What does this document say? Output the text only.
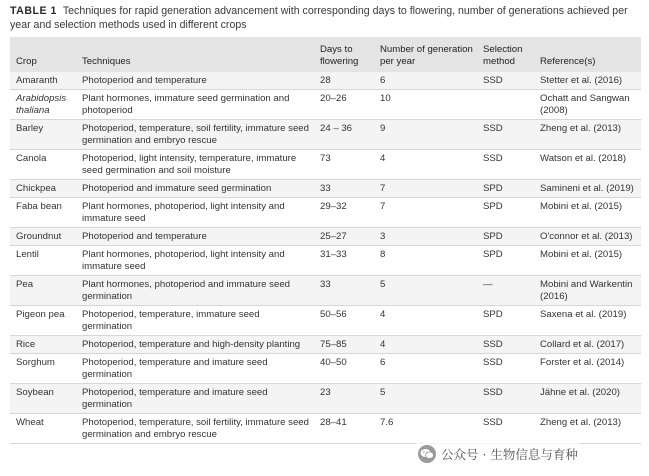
TABLE 1 Techniques for rapid generation advancement with corresponding days to flowering, number of generations achieved per year and selection methods used in different crops
Crop	Techniques	Days to flowering	Number of generation per year	Selection method	Reference(s)
Amaranth	Photoperiod and temperature	28	6	SSD	Stetter et al. (2016)
Arabidopsis thaliana	Plant hormones, immature seed germination and photoperiod	20–26	10		Ochatt and Sangwan (2008)
Barley	Photoperiod, temperature, soil fertility, immature seed germination and embryo rescue	24 – 36	9	SSD	Zheng et al. (2013)
Canola	Photoperiod, light intensity, temperature, immature seed germination and soil moisture	73	4	SSD	Watson et al. (2018)
Chickpea	Photoperiod and immature seed germination	33	7	SPD	Samineni et al. (2019)
Faba bean	Plant hormones, photoperiod, light intensity and immature seed	29–32	7	SPD	Mobini et al. (2015)
Groundnut	Photoperiod and temperature	25–27	3	SPD	O'connor et al. (2013)
Lentil	Plant hormones, photoperiod, light intensity and immature seed	31–33	8	SPD	Mobini et al. (2015)
Pea	Plant hormones, photoperiod and immature seed germination	33	5	—	Mobini and Warkentin (2016)
Pigeon pea	Photoperiod, temperature, immature seed germination	50–56	4	SPD	Saxena et al. (2019)
Rice	Photoperiod, temperature and high-density planting	75–85	4	SSD	Collard et al. (2017)
Sorghum	Photoperiod, temperature and imature seed germination	40–50	6	SSD	Forster et al. (2014)
Soybean	Photoperiod, temperature and imature seed germination	23	5	SSD	Jähne et al. (2020)
Wheat	Photoperiod, temperature, soil fertility, immature seed germination and embryo rescue	28–41	7.6	SSD	Zheng et al. (2013)
公众号 · 生物信息与育种
